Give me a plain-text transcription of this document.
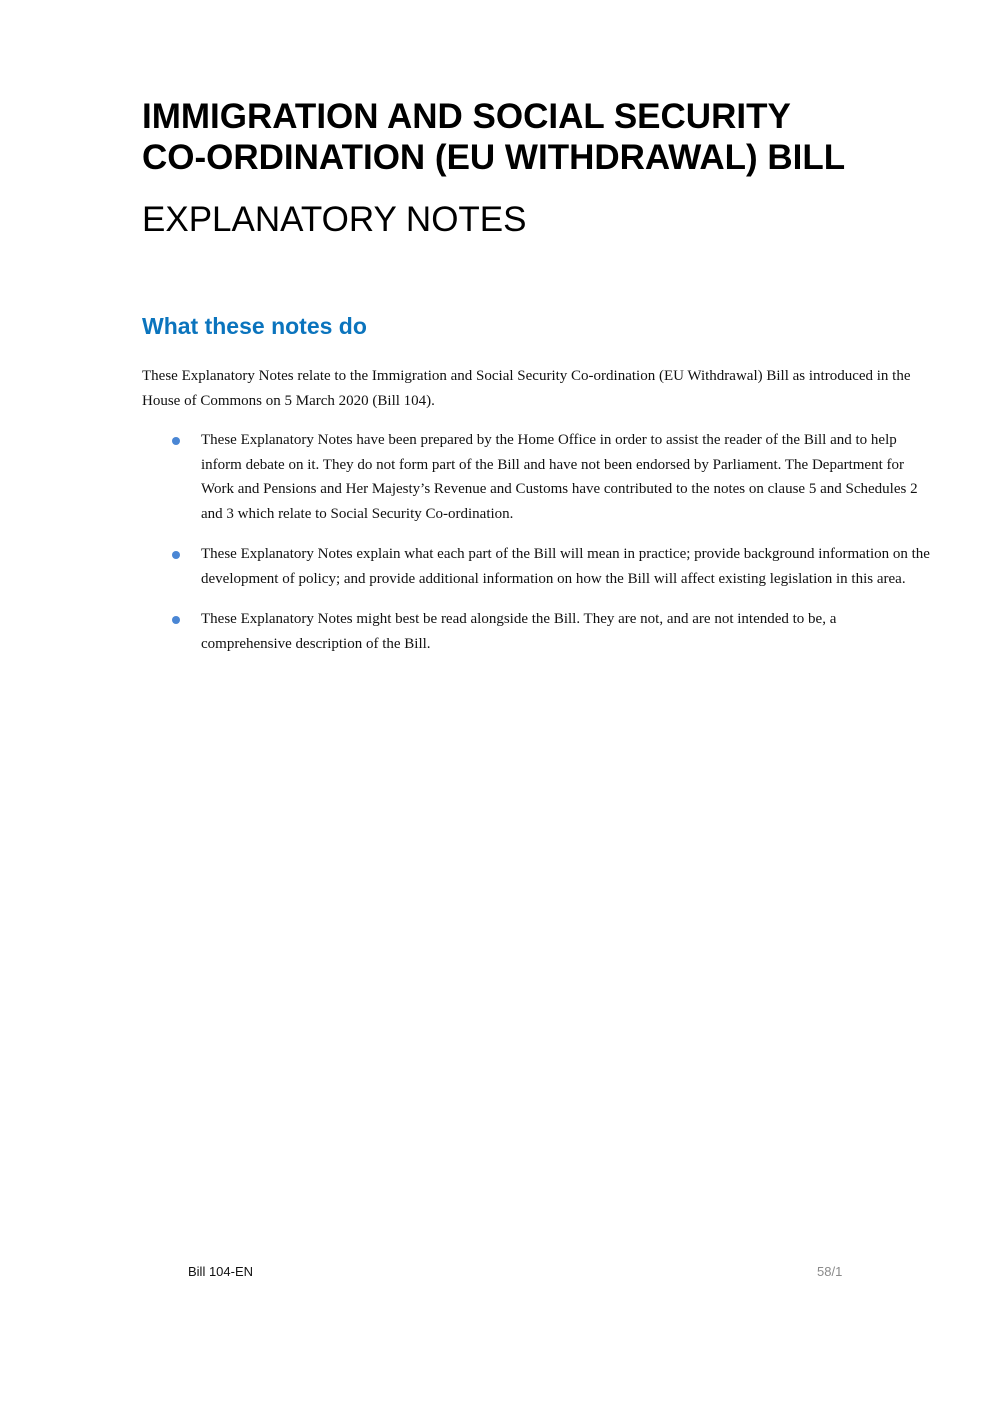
IMMIGRATION AND SOCIAL SECURITY
CO-ORDINATION (EU WITHDRAWAL) BILL
EXPLANATORY NOTES
What these notes do
These Explanatory Notes relate to the Immigration and Social Security Co-ordination (EU Withdrawal) Bill as introduced in the House of Commons on 5 March 2020 (Bill 104).
These Explanatory Notes have been prepared by the Home Office in order to assist the reader of the Bill and to help inform debate on it. They do not form part of the Bill and have not been endorsed by Parliament. The Department for Work and Pensions and Her Majesty’s Revenue and Customs have contributed to the notes on clause 5 and Schedules 2 and 3 which relate to Social Security Co-ordination.
These Explanatory Notes explain what each part of the Bill will mean in practice; provide background information on the development of policy; and provide additional information on how the Bill will affect existing legislation in this area.
These Explanatory Notes might best be read alongside the Bill. They are not, and are not intended to be, a comprehensive description of the Bill.
Bill 104-EN	58/1
